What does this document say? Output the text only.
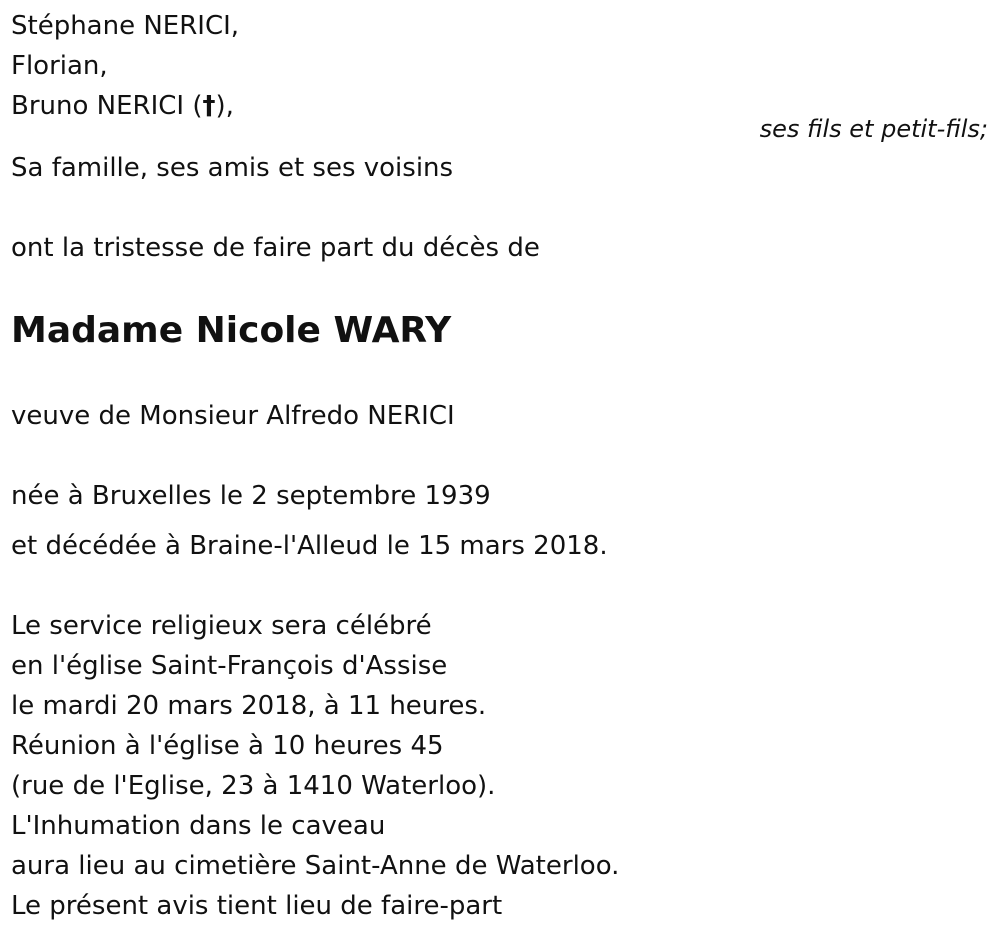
Stéphane NERICI,
Florian,
Bruno NERICI (†),
ses fils et petit-fils;
Sa famille, ses amis et ses voisins
ont la tristesse de faire part du décès de
Madame Nicole WARY
veuve de Monsieur Alfredo NERICI
née à Bruxelles le 2 septembre 1939
et décédée à Braine-l'Alleud le 15 mars 2018.
Le service religieux sera célébré
en l'église Saint-François d'Assise
le mardi 20 mars 2018, à 11 heures.
Réunion à l'église à 10 heures 45
(rue de l'Eglise, 23 à 1410 Waterloo).
L'Inhumation dans le caveau
aura lieu au cimetière Saint-Anne de Waterloo.
Le présent avis tient lieu de faire-part
